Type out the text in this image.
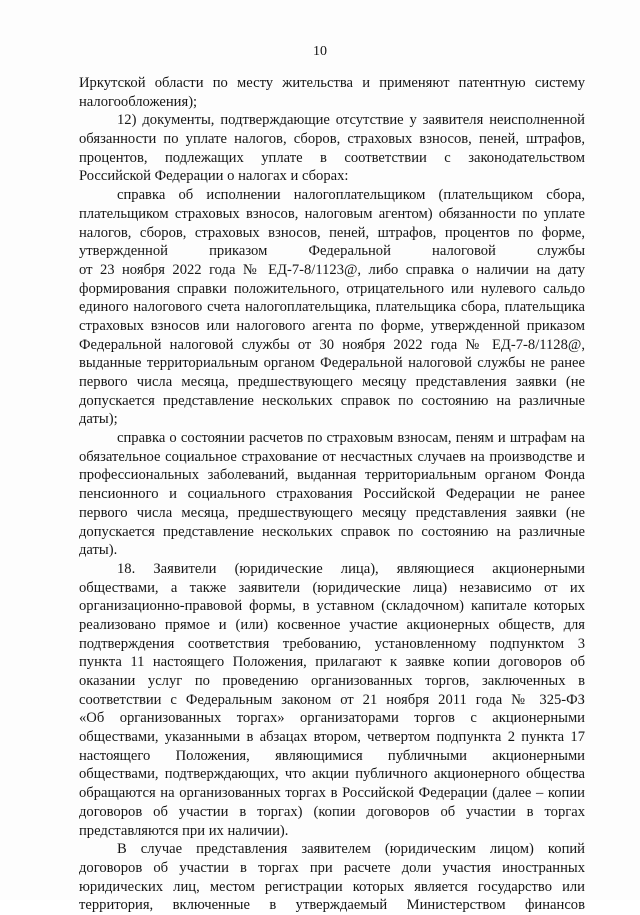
10
Иркутской области по месту жительства и применяют патентную систему
налогообложения);
12) документы, подтверждающие отсутствие у заявителя неисполненной
обязанности по уплате налогов, сборов, страховых взносов, пеней, штрафов,
процентов, подлежащих уплате в соответствии с законодательством
Российской Федерации о налогах и сборах:
справка об исполнении налогоплательщиком (плательщиком сбора,
плательщиком страховых взносов, налоговым агентом) обязанности по уплате
налогов, сборов, страховых взносов, пеней, штрафов, процентов по форме,
утвержденной приказом Федеральной налоговой службы
от 23 ноября 2022 года № ЕД-7-8/1123@, либо справка о наличии на дату
формирования справки положительного, отрицательного или нулевого сальдо
единого налогового счета налогоплательщика, плательщика сбора, плательщика
страховых взносов или налогового агента по форме, утвержденной приказом
Федеральной налоговой службы от 30 ноября 2022 года № ЕД-7-8/1128@,
выданные территориальным органом Федеральной налоговой службы не ранее
первого числа месяца, предшествующего месяцу представления заявки (не
допускается представление нескольких справок по состоянию на различные
даты);
справка о состоянии расчетов по страховым взносам, пеням и штрафам на
обязательное социальное страхование от несчастных случаев на производстве и
профессиональных заболеваний, выданная территориальным органом Фонда
пенсионного и социального страхования Российской Федерации не ранее
первого числа месяца, предшествующего месяцу представления заявки (не
допускается представление нескольких справок по состоянию на различные
даты).
18. Заявители (юридические лица), являющиеся акционерными
обществами, а также заявители (юридические лица) независимо от их
организационно-правовой формы, в уставном (складочном) капитале которых
реализовано прямое и (или) косвенное участие акционерных обществ, для
подтверждения соответствия требованию, установленному подпунктом 3
пункта 11 настоящего Положения, прилагают к заявке копии договоров об
оказании услуг по проведению организованных торгов, заключенных в
соответствии с Федеральным законом от 21 ноября 2011 года № 325-ФЗ
«Об организованных торгах» организаторами торгов с акционерными
обществами, указанными в абзацах втором, четвертом подпункта 2 пункта 17
настоящего Положения, являющимися публичными акционерными
обществами, подтверждающих, что акции публичного акционерного общества
обращаются на организованных торгах в Российской Федерации (далее – копии
договоров об участии в торгах) (копии договоров об участии в торгах
представляются при их наличии).
В случае представления заявителем (юридическим лицом) копий
договоров об участии в торгах при расчете доли участия иностранных
юридических лиц, местом регистрации которых является государство или
территория, включенные в утверждаемый Министерством финансов
